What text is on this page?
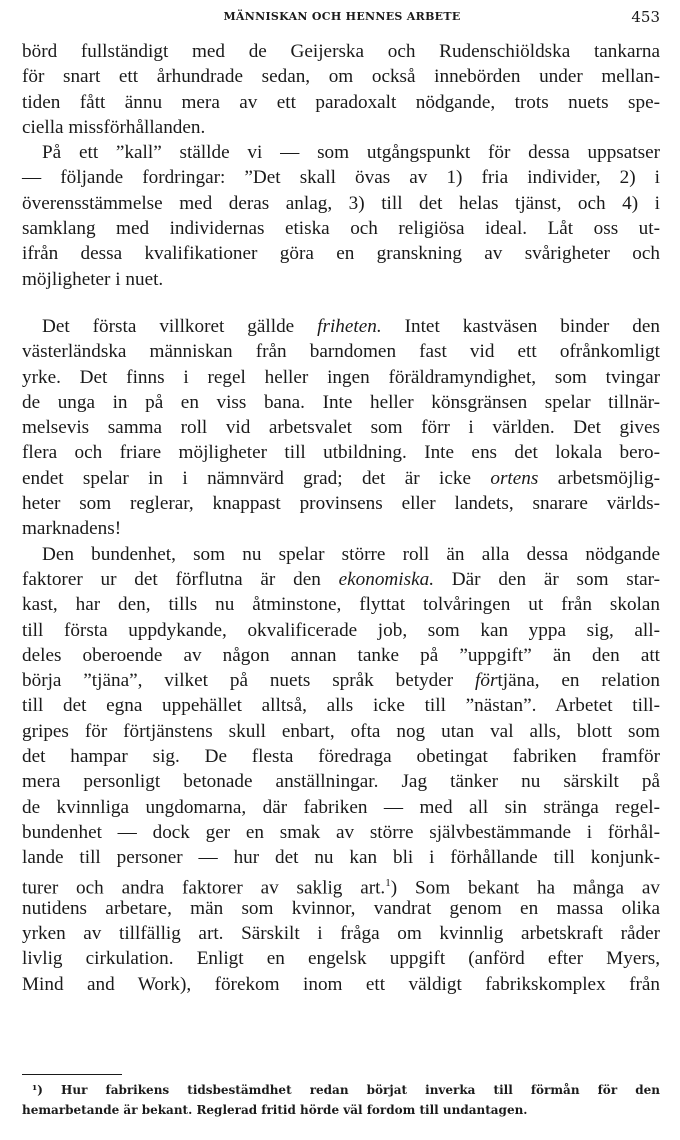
MÄNNISKAN OCH HENNES ARBETE	453
börd fullständigt med de Geijerska och Rudenschiöldska tankarna
för snart ett århundrade sedan, om också innebörden under mellan-
tiden fått ännu mera av ett paradoxalt nödgande, trots nuets spe-
ciella missförhållanden.
På ett ”kall” ställde vi — som utgångspunkt för dessa uppsatser
— följande fordringar: ”Det skall övas av 1) fria individer, 2) i
överensstämmelse med deras anlag, 3) till det helas tjänst, och 4) i
samklang med individernas etiska och religiösa ideal. Låt oss ut-
ifrån dessa kvalifikationer göra en granskning av svårigheter och
möjligheter i nuet.
Det första villkoret gällde friheten. Intet kastväsen binder den
västerländska människan från barndomen fast vid ett ofrånkomligt
yrke. Det finns i regel heller ingen föräldramyndighet, som tvingar
de unga in på en viss bana. Inte heller könsgränsen spelar tillnär-
melsevis samma roll vid arbetsvalet som förr i världen. Det gives
flera och friare möjligheter till utbildning. Inte ens det lokala bero-
endet spelar in i nämnvärd grad; det är icke ortens arbetsmöjlig-
heter som reglerar, knappast provinsens eller landets, snarare världs-
marknadens!
Den bundenhet, som nu spelar större roll än alla dessa nödgande
faktorer ur det förflutna är den ekonomiska. Där den är som star-
kast, har den, tills nu åtminstone, flyttat tolvåringen ut från skolan
till första uppdykande, okvalificerade job, som kan yppa sig, all-
deles oberoende av någon annan tanke på ”uppgift” än den att
börja ”tjäna”, vilket på nuets språk betyder förtjäna, en relation
till det egna uppehället alltså, alls icke till ”nästan”. Arbetet till-
gripes för förtjänstens skull enbart, ofta nog utan val alls, blott som
det hampar sig. De flesta föredraga obetingat fabriken framför
mera personligt betonade anställningar. Jag tänker nu särskilt på
de kvinnliga ungdomarna, där fabriken — med all sin stränga regel-
bundenhet — dock ger en smak av större självbestämmande i förhål-
lande till personer — hur det nu kan bli i förhållande till konjunk-
turer och andra faktorer av saklig art.$^1$) Som bekant ha många av
nutidens arbetare, män som kvinnor, vandrat genom en massa olika
yrken av tillfällig art. Särskilt i fråga om kvinnlig arbetskraft råder
livlig cirkulation. Enligt en engelsk uppgift (anförd efter Myers,
Mind and Work), förekom inom ett väldigt fabrikskomplex från
¹) Hur fabrikens tidsbestämdhet redan börjat inverka till förmån för den
hemarbetande är bekant. Reglerad fritid hörde väl fordom till undantagen.
